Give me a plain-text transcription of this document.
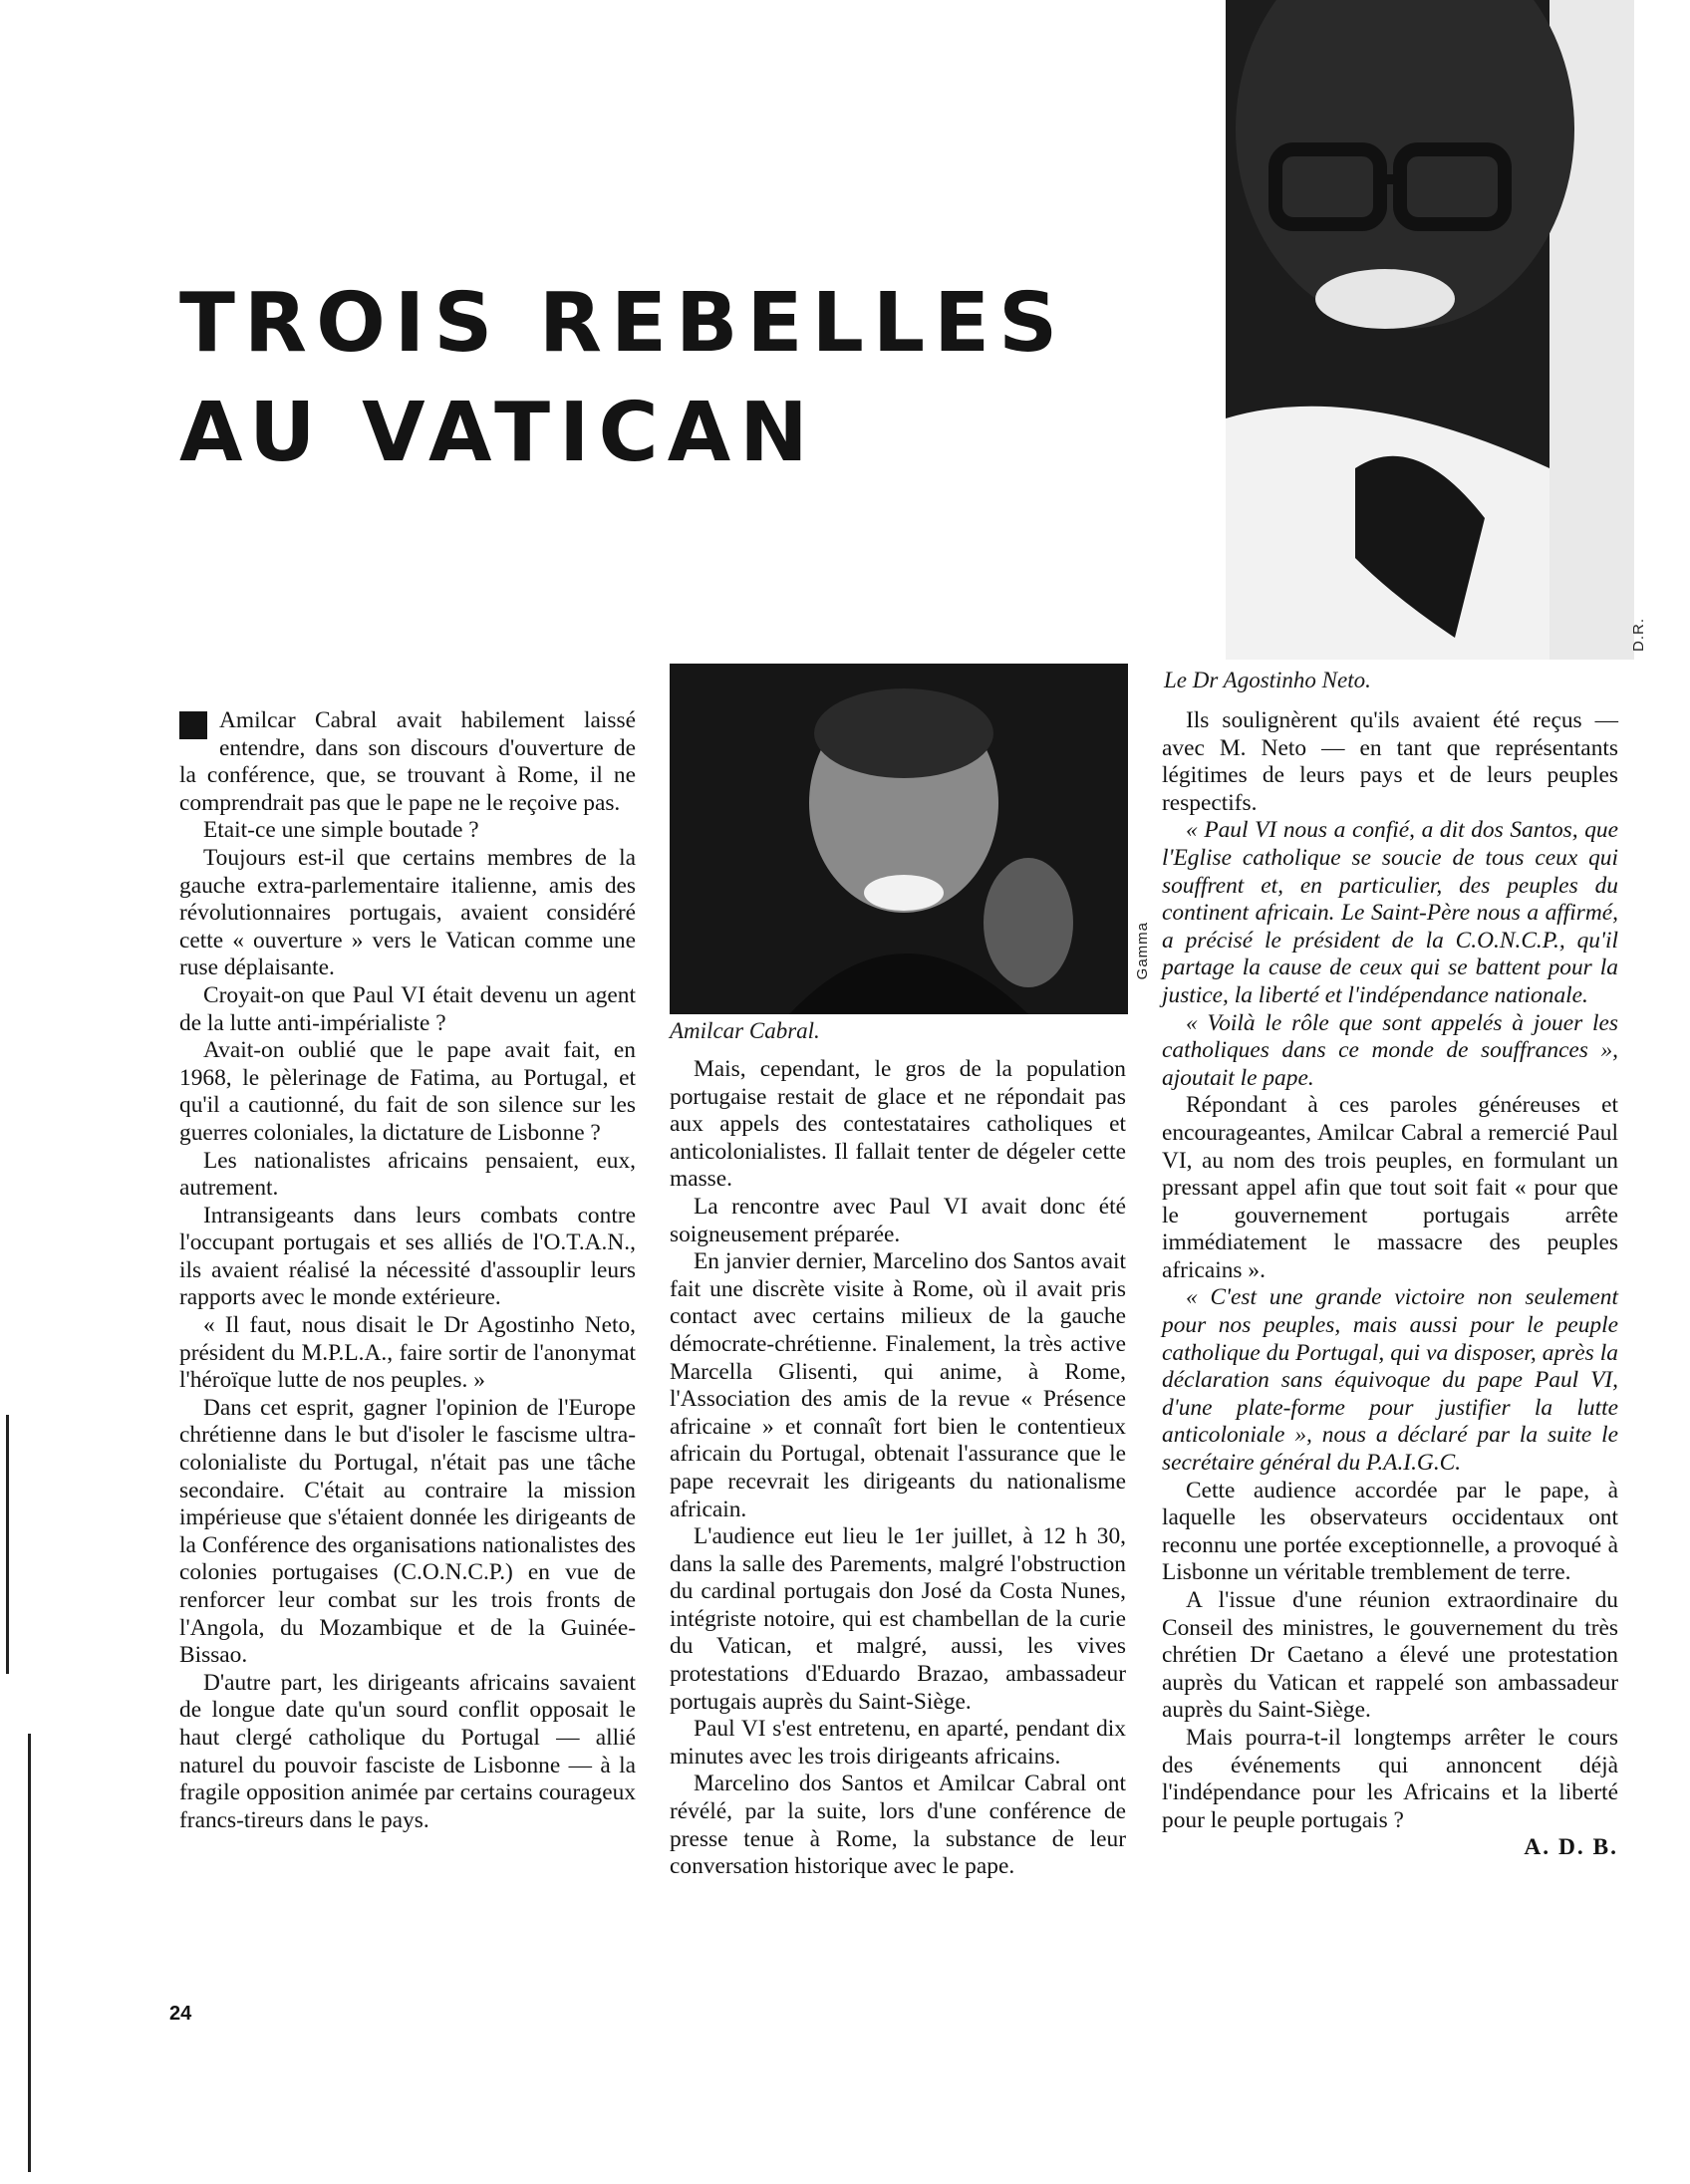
TROIS REBELLES
AU VATICAN
D.R.
Le Dr Agostinho Neto.
Gamma
Amilcar Cabral.

Amilcar Cabral avait habilement laissé entendre, dans son discours d'ouverture de la conférence, que, se trouvant à Rome, il ne comprendrait pas que le pape ne le reçoive pas.

Etait-ce une simple boutade ?

Toujours est-il que certains membres de la gauche extra-parlementaire italienne, amis des révolutionnaires portugais, avaient considéré cette « ouverture » vers le Vatican comme une ruse déplaisante.

Croyait-on que Paul VI était devenu un agent de la lutte anti-impérialiste ?

Avait-on oublié que le pape avait fait, en 1968, le pèlerinage de Fatima, au Portugal, et qu'il a cautionné, du fait de son silence sur les guerres coloniales, la dictature de Lisbonne ?

Les nationalistes africains pensaient, eux, autrement.

Intransigeants dans leurs combats contre l'occupant portugais et ses alliés de l'O.T.A.N., ils avaient réalisé la nécessité d'assouplir leurs rapports avec le monde extérieure.

« Il faut, nous disait le Dr Agostinho Neto, président du M.P.L.A., faire sortir de l'anonymat l'héroïque lutte de nos peuples. »

Dans cet esprit, gagner l'opinion de l'Europe chrétienne dans le but d'isoler le fascisme ultra-colonialiste du Portugal, n'était pas une tâche secondaire. C'était au contraire la mission impérieuse que s'étaient donnée les dirigeants de la Conférence des organisations nationalistes des colonies portugaises (C.O.N.C.P.) en vue de renforcer leur combat sur les trois fronts de l'Angola, du Mozambique et de la Guinée-Bissao.

D'autre part, les dirigeants africains savaient de longue date qu'un sourd conflit opposait le haut clergé catholique du Portugal — allié naturel du pouvoir fasciste de Lisbonne — à la fragile opposition animée par certains courageux francs-tireurs dans le pays.

Mais, cependant, le gros de la population portugaise restait de glace et ne répondait pas aux appels des contestataires catholiques et anticolonialistes. Il fallait tenter de dégeler cette masse.

La rencontre avec Paul VI avait donc été soigneusement préparée.

En janvier dernier, Marcelino dos Santos avait fait une discrète visite à Rome, où il avait pris contact avec certains milieux de la gauche démocrate-chrétienne. Finalement, la très active Marcella Glisenti, qui anime, à Rome, l'Association des amis de la revue « Présence africaine » et connaît fort bien le contentieux africain du Portugal, obtenait l'assurance que le pape recevrait les dirigeants du nationalisme africain.

L'audience eut lieu le 1er juillet, à 12 h 30, dans la salle des Parements, malgré l'obstruction du cardinal portugais don José da Costa Nunes, intégriste notoire, qui est chambellan de la curie du Vatican, et malgré, aussi, les vives protestations d'Eduardo Brazao, ambassadeur portugais auprès du Saint-Siège.

Paul VI s'est entretenu, en aparté, pendant dix minutes avec les trois dirigeants africains.

Marcelino dos Santos et Amilcar Cabral ont révélé, par la suite, lors d'une conférence de presse tenue à Rome, la substance de leur conversation historique avec le pape.

Ils soulignèrent qu'ils avaient été reçus — avec M. Neto — en tant que représentants légitimes de leurs pays et de leurs peuples respectifs.

« Paul VI nous a confié, a dit dos Santos, que l'Eglise catholique se soucie de tous ceux qui souffrent et, en particulier, des peuples du continent africain. Le Saint-Père nous a affirmé, a précisé le président de la C.O.N.C.P., qu'il partage la cause de ceux qui se battent pour la justice, la liberté et l'indépendance nationale.

« Voilà le rôle que sont appelés à jouer les catholiques dans ce monde de souffrances », ajoutait le pape.

Répondant à ces paroles généreuses et encourageantes, Amilcar Cabral a remercié Paul VI, au nom des trois peuples, en formulant un pressant appel afin que tout soit fait « pour que le gouvernement portugais arrête immédiatement le massacre des peuples africains ».

« C'est une grande victoire non seulement pour nos peuples, mais aussi pour le peuple catholique du Portugal, qui va disposer, après la déclaration sans équivoque du pape Paul VI, d'une plate-forme pour justifier la lutte anticoloniale », nous a déclaré par la suite le secrétaire général du P.A.I.G.C.

Cette audience accordée par le pape, à laquelle les observateurs occidentaux ont reconnu une portée exceptionnelle, a provoqué à Lisbonne un véritable tremblement de terre.

A l'issue d'une réunion extraordinaire du Conseil des ministres, le gouvernement du très chrétien Dr Caetano a élevé une protestation auprès du Vatican et rappelé son ambassadeur auprès du Saint-Siège.

Mais pourra-t-il longtemps arrêter le cours des événements qui annoncent déjà l'indépendance pour les Africains et la liberté pour le peuple portugais ?

A. D. B.

24
